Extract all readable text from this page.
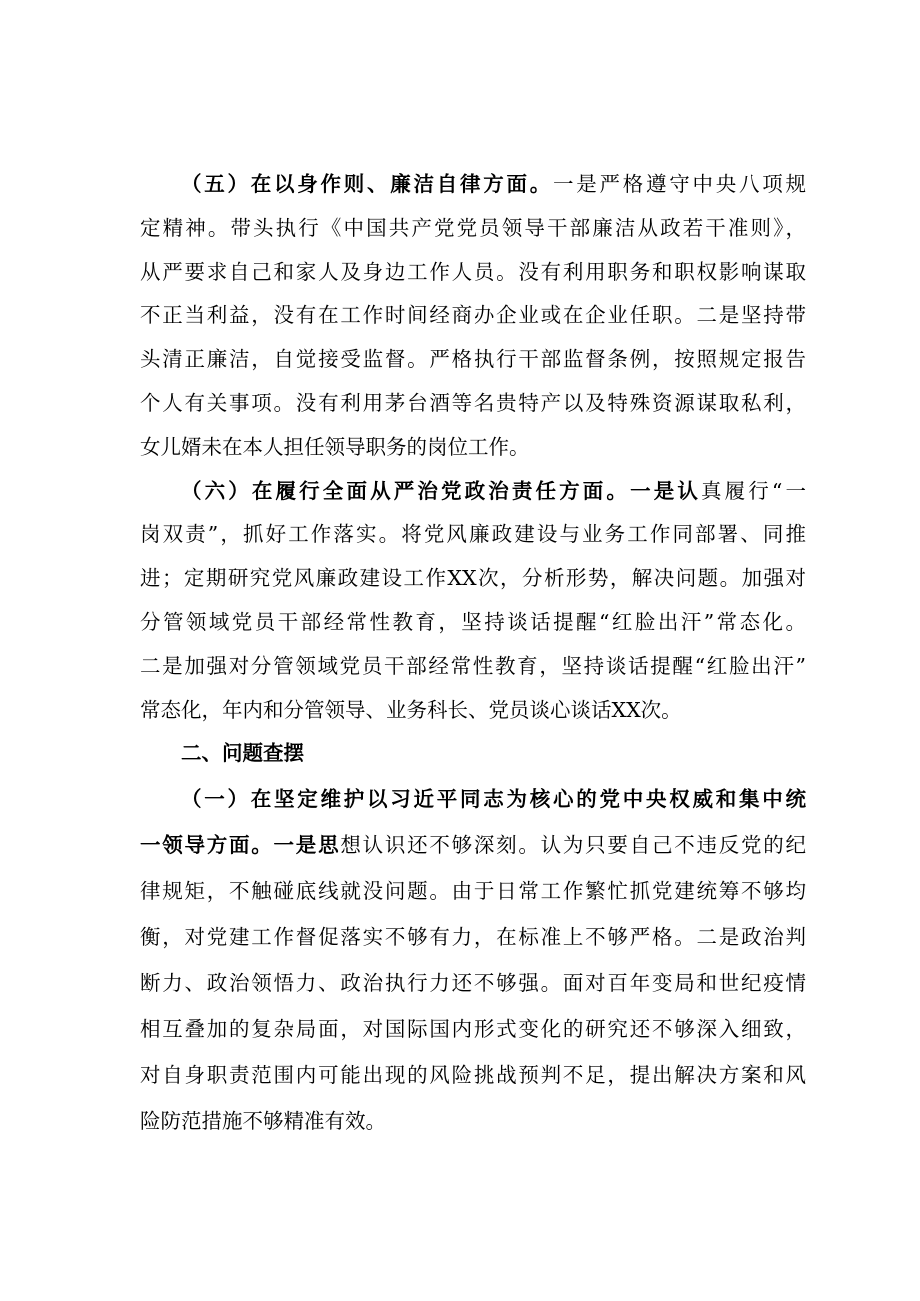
（五）在以身作则、廉洁自律方面。一是严格遵守中央八项规
定精神。带头执行《中国共产党党员领导干部廉洁从政若干准则》，
从严要求自己和家人及身边工作人员。没有利用职务和职权影响谋取
不正当利益，没有在工作时间经商办企业或在企业任职。二是坚持带
头清正廉洁，自觉接受监督。严格执行干部监督条例，按照规定报告
个人有关事项。没有利用茅台酒等名贵特产以及特殊资源谋取私利，
女儿婿未在本人担任领导职务的岗位工作。
（六）在履行全面从严治党政治责任方面。一是认真履行“一
岗双责”，抓好工作落实。将党风廉政建设与业务工作同部署、同推
进；定期研究党风廉政建设工作XX次，分析形势，解决问题。加强对
分管领域党员干部经常性教育，坚持谈话提醒“红脸出汗”常态化。
二是加强对分管领域党员干部经常性教育，坚持谈话提醒“红脸出汗”
常态化，年内和分管领导、业务科长、党员谈心谈话XX次。
二、问题查摆
（一）在坚定维护以习近平同志为核心的党中央权威和集中统
一领导方面。一是思想认识还不够深刻。认为只要自己不违反党的纪
律规矩，不触碰底线就没问题。由于日常工作繁忙抓党建统筹不够均
衡，对党建工作督促落实不够有力，在标准上不够严格。二是政治判
断力、政治领悟力、政治执行力还不够强。面对百年变局和世纪疫情
相互叠加的复杂局面，对国际国内形式变化的研究还不够深入细致，
对自身职责范围内可能出现的风险挑战预判不足，提出解决方案和风
险防范措施不够精准有效。
